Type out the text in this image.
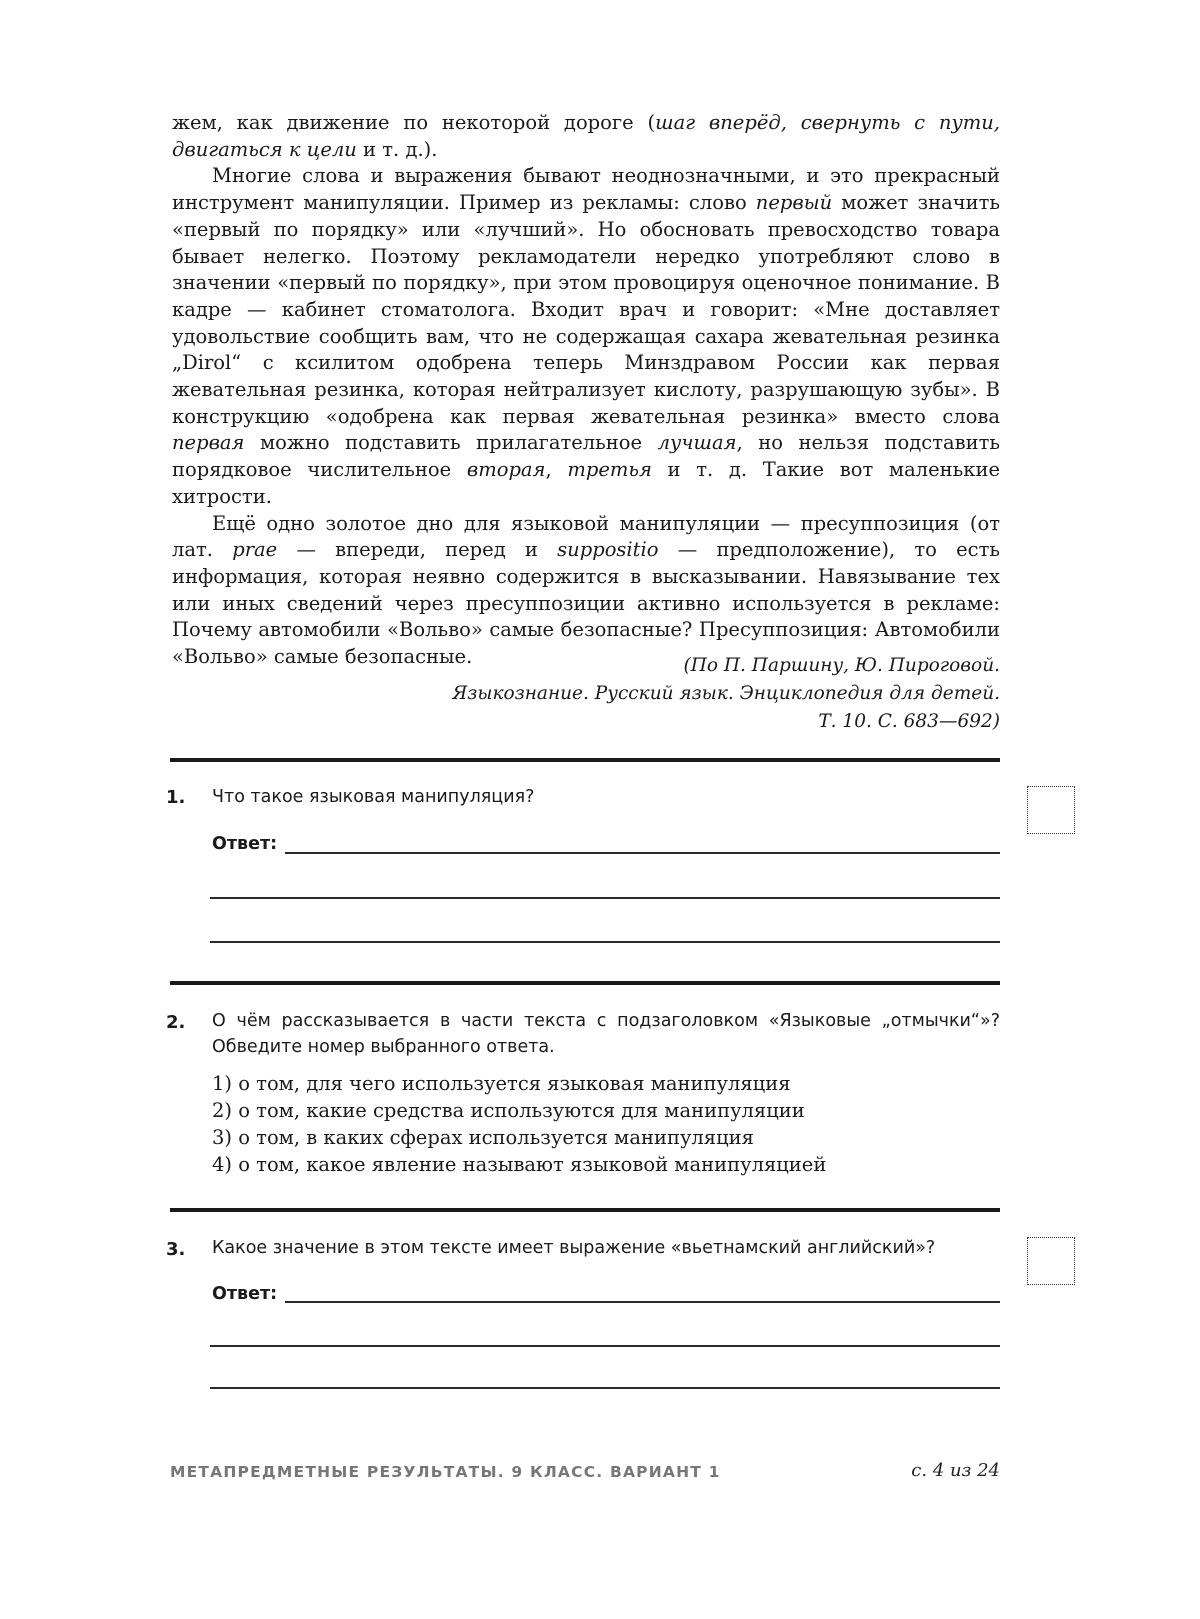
жем, как движение по некоторой дороге (шаг вперёд, свернуть с пути, двигаться к цели и т. д.).

Многие слова и выражения бывают неоднозначными, и это прекрасный инструмент манипуляции. Пример из рекламы: слово первый может значить «первый по порядку» или «лучший». Но обосновать превосходство товара бывает нелегко. Поэтому рекламодатели нередко употребляют слово в значении «первый по порядку», при этом провоцируя оценочное понимание. В кадре — кабинет стоматолога. Входит врач и говорит: «Мне доставляет удовольствие сообщить вам, что не содержащая сахара жевательная резинка „Dirol“ с ксилитом одобрена теперь Минздравом России как первая жевательная резинка, которая нейтрализует кислоту, разрушающую зубы». В конструкцию «одобрена как первая жевательная резинка» вместо слова первая можно подставить прилагательное лучшая, но нельзя подставить порядковое числительное вторая, третья и т. д. Такие вот маленькие хитрости.

Ещё одно золотое дно для языковой манипуляции — пресуппозиция (от лат. prae — впереди, перед и suppositio — предположение), то есть информация, которая неявно содержится в высказывании. Навязывание тех или иных сведений через пресуппозиции активно используется в рекламе: Почему автомобили «Вольво» самые безопасные? Пресуппозиция: Автомобили «Вольво» самые безопасные.	(По П. Паршину, Ю. Пироговой.
Языкознание. Русский язык. Энциклопедия для детей.
Т. 10. С. 683—692)
1. Что такое языковая манипуляция?
Ответ:
2. О чём рассказывается в части текста с подзаголовком «Языковые „отмычки“»? Обведите номер выбранного ответа.
1) о том, для чего используется языковая манипуляция
2) о том, какие средства используются для манипуляции
3) о том, в каких сферах используется манипуляция
4) о том, какое явление называют языковой манипуляцией
3. Какое значение в этом тексте имеет выражение «вьетнамский английский»?
Ответ:
МЕТАПРЕДМЕТНЫЕ РЕЗУЛЬТАТЫ. 9 КЛАСС. ВАРИАНТ 1	с. 4 из 24
